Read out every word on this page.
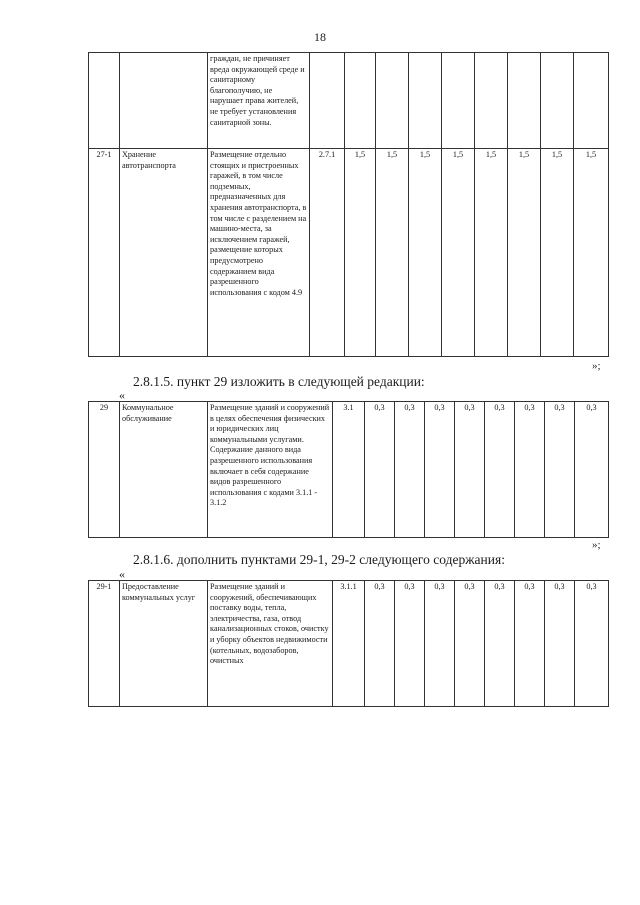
18
		граждан, не причиняет вреда окружающей среде и санитарному благополучию, не нарушает права жителей, не требует установления санитарной зоны.									
27-1	Хранение автотранспорта	Размещение отдельно стоящих и пристроенных гаражей, в том числе подземных, предназначенных для хранения автотранспорта, в том числе с разделением на машино-места, за исключением гаражей, размещение которых предусмотрено содержанием вида разрешенного использования с кодом 4.9	2.7.1	1,5	1,5	1,5	1,5	1,5	1,5	1,5	1,5
»;
2.8.1.5. пункт 29 изложить в следующей редакции:
«
29	Коммунальное обслуживание	Размещение зданий и сооружений в целях обеспечения физических и юридических лиц коммунальными услугами. Содержание данного вида разрешенного использования включает в себя содержание видов разрешенного использования с кодами 3.1.1 - 3.1.2	3.1	0,3	0,3	0,3	0,3	0,3	0,3	0,3	0,3
»;
2.8.1.6. дополнить пунктами 29-1, 29-2 следующего содержания:
«
29-1	Предоставление коммунальных услуг	Размещение зданий и сооружений, обеспечивающих поставку воды, тепла, электричества, газа, отвод канализационных стоков, очистку и уборку объектов недвижимости (котельных, водозаборов, очистных	3.1.1	0,3	0,3	0,3	0,3	0,3	0,3	0,3	0,3
